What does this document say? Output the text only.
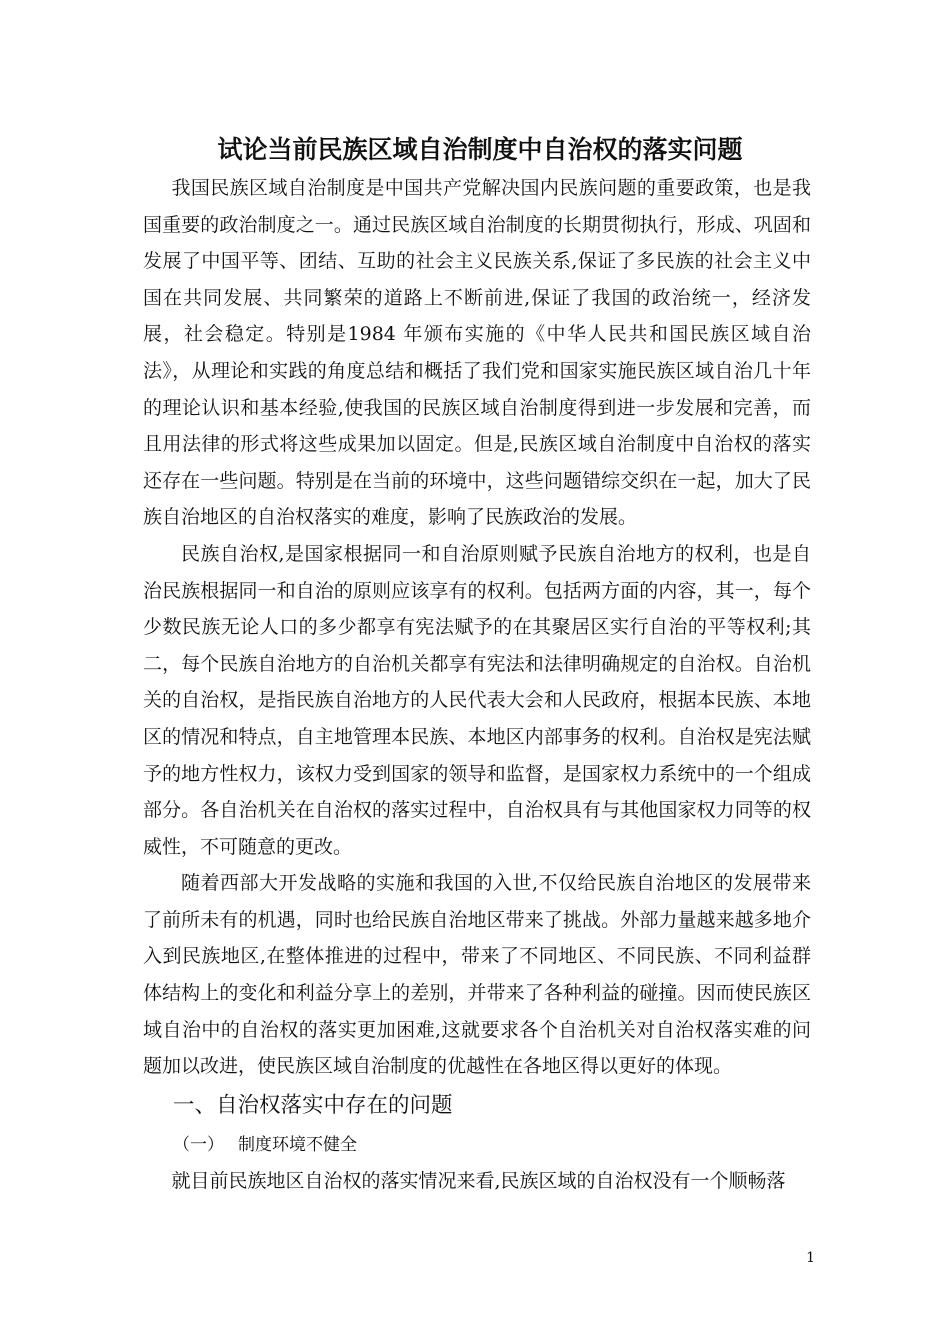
试论当前民族区域自治制度中自治权的落实问题

我国民族区域自治制度是中国共产党解决国内民族问题的重要政策，也是我国重要的政治制度之一。通过民族区域自治制度的长期贯彻执行，形成、巩固和发展了中国平等、团结、互助的社会主义民族关系,保证了多民族的社会主义中国在共同发展、共同繁荣的道路上不断前进,保证了我国的政治统一，经济发展，社会稳定。特别是1984 年颁布实施的《中华人民共和国民族区域自治法》，从理论和实践的角度总结和概括了我们党和国家实施民族区域自治几十年的理论认识和基本经验,使我国的民族区域自治制度得到进一步发展和完善，而且用法律的形式将这些成果加以固定。但是,民族区域自治制度中自治权的落实还存在一些问题。特别是在当前的环境中，这些问题错综交织在一起，加大了民族自治地区的自治权落实的难度，影响了民族政治的发展。

民族自治权,是国家根据同一和自治原则赋予民族自治地方的权利，也是自治民族根据同一和自治的原则应该享有的权利。包括两方面的内容，其一，每个少数民族无论人口的多少都享有宪法赋予的在其聚居区实行自治的平等权利;其二，每个民族自治地方的自治机关都享有宪法和法律明确规定的自治权。自治机关的自治权，是指民族自治地方的人民代表大会和人民政府，根据本民族、本地区的情况和特点，自主地管理本民族、本地区内部事务的权利。自治权是宪法赋予的地方性权力，该权力受到国家的领导和监督，是国家权力系统中的一个组成部分。各自治机关在自治权的落实过程中，自治权具有与其他国家权力同等的权威性，不可随意的更改。

随着西部大开发战略的实施和我国的入世,不仅给民族自治地区的发展带来了前所未有的机遇，同时也给民族自治地区带来了挑战。外部力量越来越多地介入到民族地区,在整体推进的过程中，带来了不同地区、不同民族、不同利益群体结构上的变化和利益分享上的差别，并带来了各种利益的碰撞。因而使民族区域自治中的自治权的落实更加困难,这就要求各个自治机关对自治权落实难的问题加以改进，使民族区域自治制度的优越性在各地区得以更好的体现。

一、自治权落实中存在的问题

（一） 制度环境不健全

就目前民族地区自治权的落实情况来看,民族区域的自治权没有一个顺畅落

1
